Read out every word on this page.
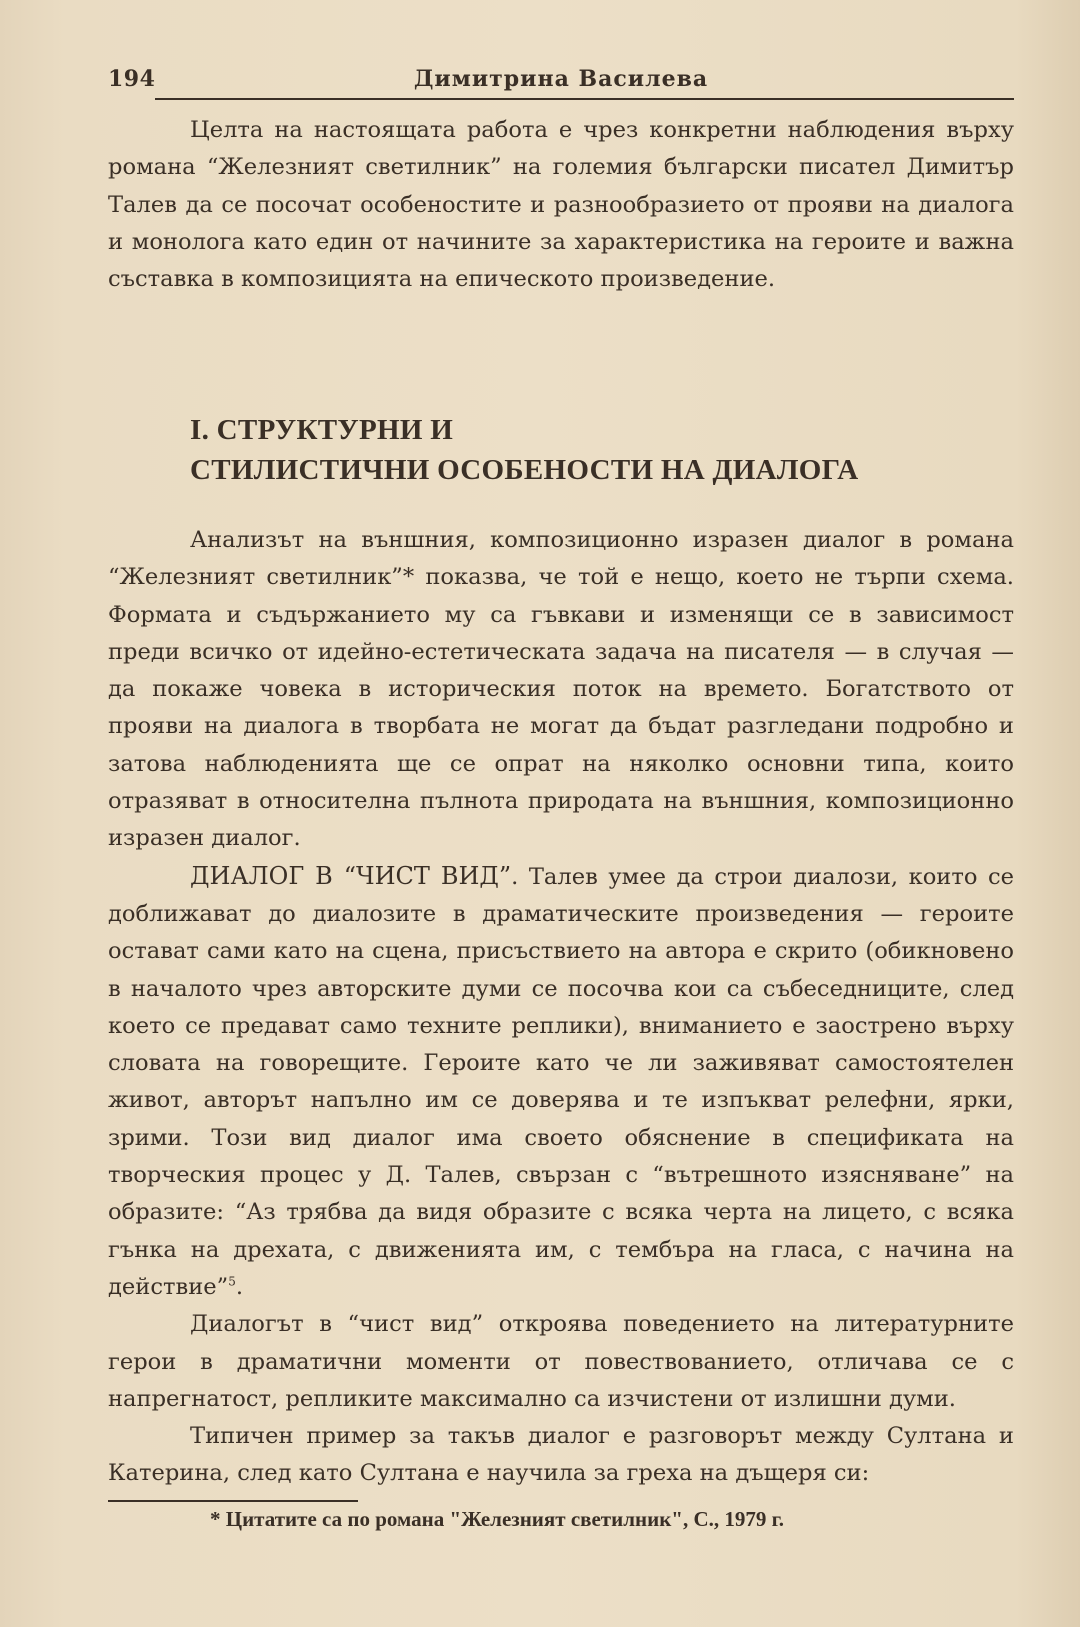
194	Димитрина Василева

Целта на настоящата работа е чрез конкретни наблюдения върху романа “Железният светилник” на големия български писател Димитър Талев да се посочат особеностите и разнообразието от прояви на диалога и монолога като един от начините за характеристика на героите и важна съставка в композицията на епическото произведение.

I. СТРУКТУРНИ И
СТИЛИСТИЧНИ ОСОБЕНОСТИ НА ДИАЛОГА

Анализът на външния, композиционно изразен диалог в романа “Железният светилник”* показва, че той е нещо, което не търпи схема. Формата и съдържанието му са гъвкави и изменящи се в зависимост преди всичко от идейно-естетическата задача на писателя — в случая — да покаже човека в историческия поток на времето. Богатството от прояви на диалога в творбата не могат да бъдат разгледани подробно и затова наблюденията ще се опрат на няколко основни типа, които отразяват в относителна пълнота природата на външния, композиционно изразен диалог.

ДИАЛОГ В “ЧИСТ ВИД”. Талев умее да строи диалози, които се доближават до диалозите в драматическите произведения — героите остават сами като на сцена, присъствието на автора е скрито (обикновено в началото чрез авторските думи се посочва кои са събеседниците, след което се предават само техните реплики), вниманието е заострено върху словата на говорещите. Героите като че ли заживяват самостоятелен живот, авторът напълно им се доверява и те изпъкват релефни, ярки, зрими. Този вид диалог има своето обяснение в спецификата на творческия процес у Д. Талев, свързан с “вътрешното изясняване” на образите: “Аз трябва да видя образите с всяка черта на лицето, с всяка гънка на дрехата, с движенията им, с тембъра на гласа, с начина на действие”$^5$.

Диалогът в “чист вид” откроява поведението на литературните герои в драматични моменти от повествованието, отличава се с напрегнатост, репликите максимално са изчистени от излишни думи.

Типичен пример за такъв диалог е разговорът между Султана и Катерина, след като Султана е научила за греха на дъщеря си:

* Цитатите са по романа "Железният светилник", С., 1979 г.
